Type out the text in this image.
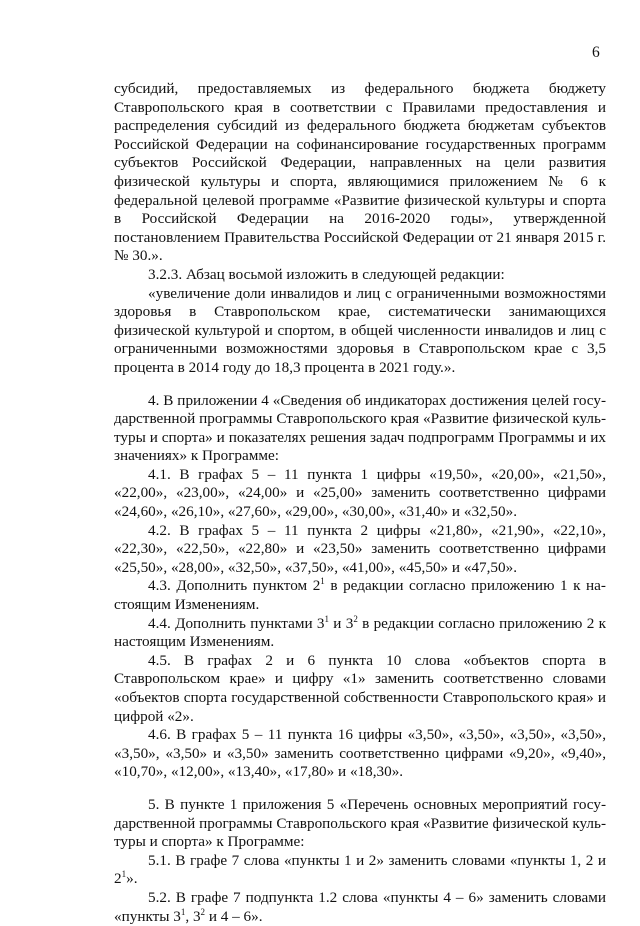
6

субсидий, предоставляемых из федерального бюджета бюджету Ставропольского края в соответствии с Правилами предоставления и распределения субсидий из федерального бюджета бюджетам субъектов Российской Федерации на софинансирование государственных программ субъектов Российской Федерации, направленных на цели развития физической культуры и спорта, являющимися приложением № 6 к федеральной целевой программе «Развитие физической культуры и спорта в Российской Федерации на 2016-2020 годы», утвержденной постановлением Правительства Российской Федерации от 21 января 2015 г. № 30.».

3.2.3. Абзац восьмой изложить в следующей редакции:

«увеличение доли инвалидов и лиц с ограниченными возможностями здоровья в Ставропольском крае, систематически занимающихся физической культурой и спортом, в общей численности инвалидов и лиц с ограниченными возможностями здоровья в Ставропольском крае с 3,5 процента в 2014 году до 18,3 процента в 2021 году.».

4. В приложении 4 «Сведения об индикаторах достижения целей государственной программы Ставропольского края «Развитие физической культуры и спорта» и показателях решения задач подпрограмм Программы и их значениях» к Программе:

4.1. В графах 5 – 11 пункта 1 цифры «19,50», «20,00», «21,50», «22,00», «23,00», «24,00» и «25,00» заменить соответственно цифрами «24,60», «26,10», «27,60», «29,00», «30,00», «31,40» и «32,50».

4.2. В графах 5 – 11 пункта 2 цифры «21,80», «21,90», «22,10», «22,30», «22,50», «22,80» и «23,50» заменить соответственно цифрами «25,50», «28,00», «32,50», «37,50», «41,00», «45,50» и «47,50».

4.3. Дополнить пунктом $2^1$ в редакции согласно приложению 1 к настоящим Изменениям.

4.4. Дополнить пунктами $3^1$ и $3^2$ в редакции согласно приложению 2 к настоящим Изменениям.

4.5. В графах 2 и 6 пункта 10 слова «объектов спорта в Ставропольском крае» и цифру «1» заменить соответственно словами «объектов спорта государственной собственности Ставропольского края» и цифрой «2».

4.6. В графах 5 – 11 пункта 16 цифры «3,50», «3,50», «3,50», «3,50», «3,50», «3,50» и «3,50» заменить соответственно цифрами «9,20», «9,40», «10,70», «12,00», «13,40», «17,80» и «18,30».

5. В пункте 1 приложения 5 «Перечень основных мероприятий государственной программы Ставропольского края «Развитие физической культуры и спорта» к Программе:

5.1. В графе 7 слова «пункты 1 и 2» заменить словами «пункты 1, 2 и $2^1$».

5.2. В графе 7 подпункта 1.2 слова «пункты 4 – 6» заменить словами «пункты $3^1$, $3^2$ и 4 – 6».
